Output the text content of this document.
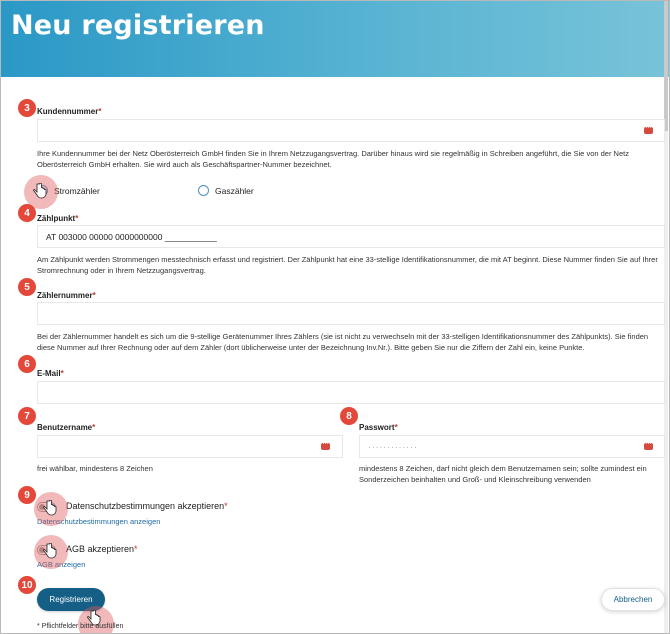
Neu registrieren
3 Kundennummer*
···
Ihre Kundennummer bei der Netz Oberösterreich GmbH finden Sie in Ihrem Netzzugangsvertrag. Darüber hinaus wird sie regelmäßig in Schreiben angeführt, die Sie von der Netz Oberösterreich GmbH erhalten. Sie wird auch als Geschäftspartner-Nummer bezeichnet.
Stromzähler	Gaszähler
4 Zählpunkt*
AT 003000 00000 0000000000 ___________
Am Zählpunkt werden Strommengen messtechnisch erfasst und registriert. Der Zählpunkt hat eine 33-stellige Identifikationsnummer, die mit AT beginnt. Diese Nummer finden Sie auf Ihrer Stromrechnung oder in Ihrem Netzzugangsvertrag.
5
Zählernummer*
Bei der Zählernummer handelt es sich um die 9-stellige Gerätenummer Ihres Zählers (sie ist nicht zu verwechseln mit der 33-stelligen Identifikationsnummer des Zählpunkts). Sie finden diese Nummer auf Ihrer Rechnung oder auf dem Zähler (dort üblicherweise unter der Bezeichnung Inv.Nr.). Bitte geben Sie nur die Ziffern der Zahl ein, keine Punkte.
6
E-Mail*
7
Benutzername*
···
frei wählbar, mindestens 8 Zeichen
8
Passwort*
·············
···
mindestens 8 Zeichen, darf nicht gleich dem Benutzernamen sein; sollte zumindest ein Sonderzeichen beinhalten und Groß- und Kleinschreibung verwenden
9
Datenschutzbestimmungen akzeptieren*
Datenschutzbestimmungen anzeigen
AGB akzeptieren*
AGB anzeigen
10
Registrieren	Abbrechen
* Pflichtfelder bitte ausfüllen
